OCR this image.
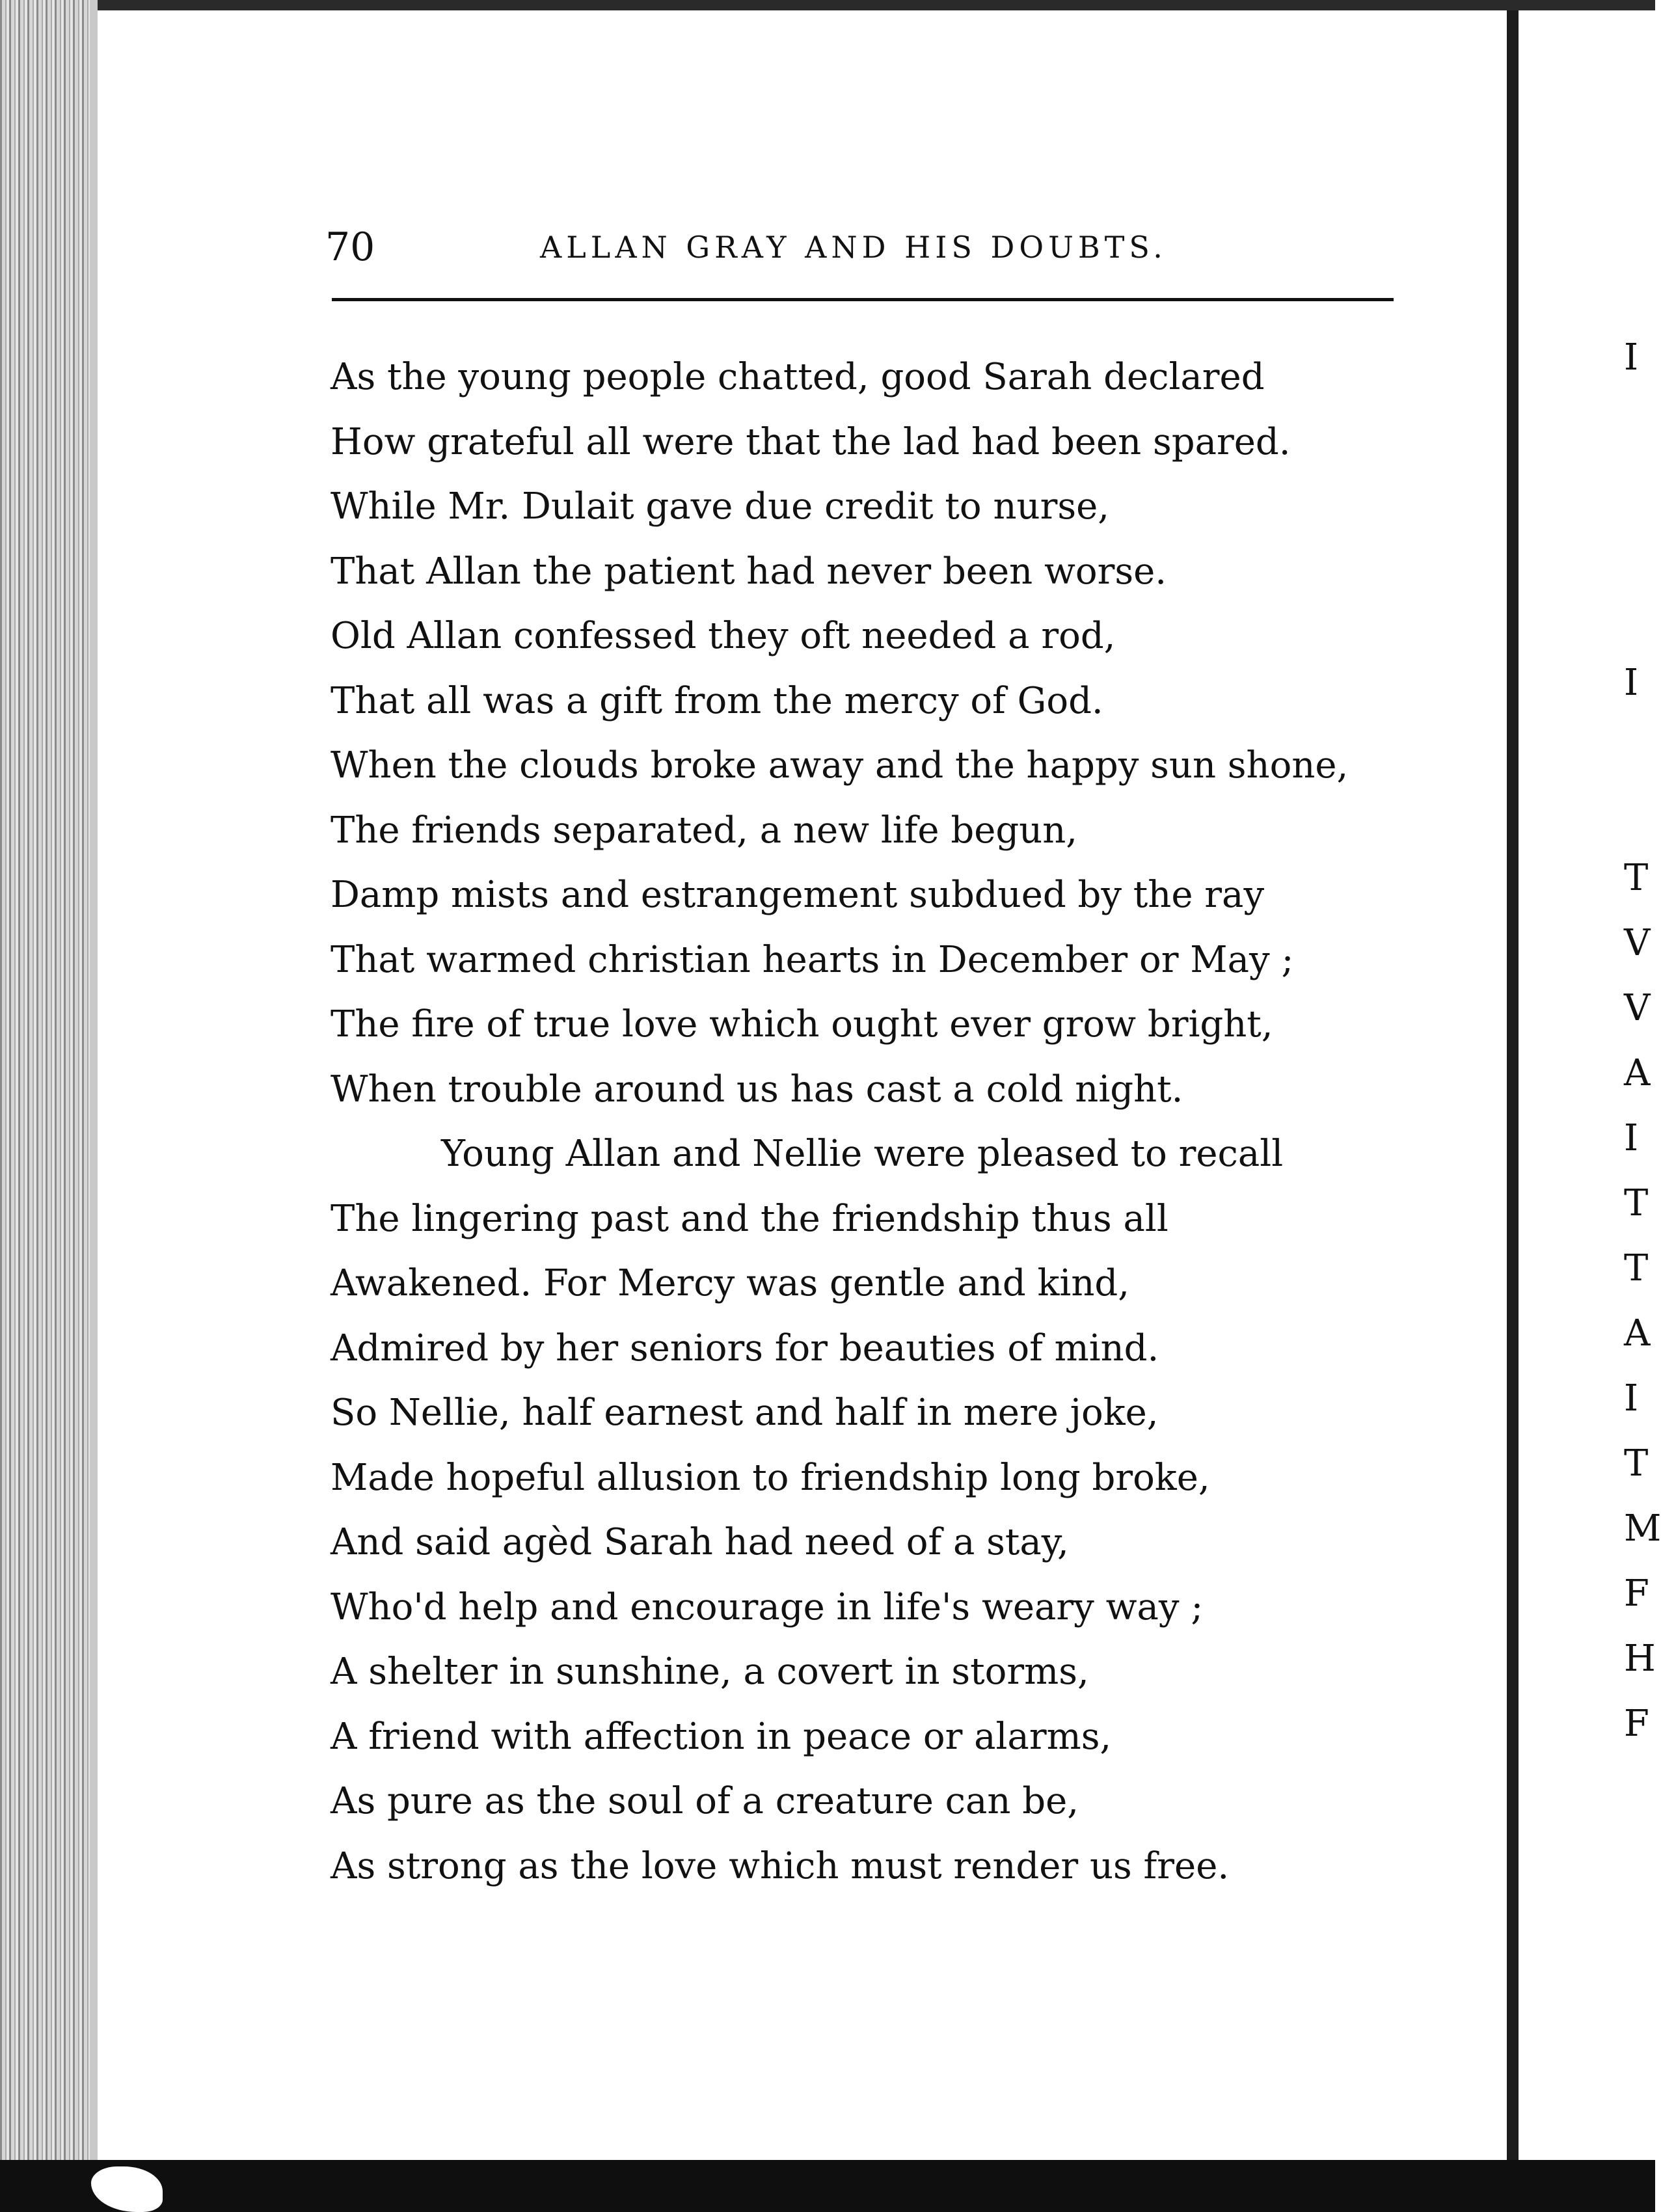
70	ALLAN GRAY AND HIS DOUBTS.
As the young people chatted, good Sarah declared
How grateful all were that the lad had been spared.
While Mr. Dulait gave due credit to nurse,
That Allan the patient had never been worse.
Old Allan confessed they oft needed a rod,
That all was a gift from the mercy of God.
When the clouds broke away and the happy sun shone,
The friends separated, a new life begun,
Damp mists and estrangement subdued by the ray
That warmed christian hearts in December or May ;
The fire of true love which ought ever grow bright,
When trouble around us has cast a cold night.
Young Allan and Nellie were pleased to recall
The lingering past and the friendship thus all
Awakened. For Mercy was gentle and kind,
Admired by her seniors for beauties of mind.
So Nellie, half earnest and half in mere joke,
Made hopeful allusion to friendship long broke,
And said agèd Sarah had need of a stay,
Who'd help and encourage in life's weary way ;
A shelter in sunshine, a covert in storms,
A friend with affection in peace or alarms,
As pure as the soul of a creature can be,
As strong as the love which must render us free.
I
I
T
V
V
A
I
T
T
A
I
T
M
F
H
F
